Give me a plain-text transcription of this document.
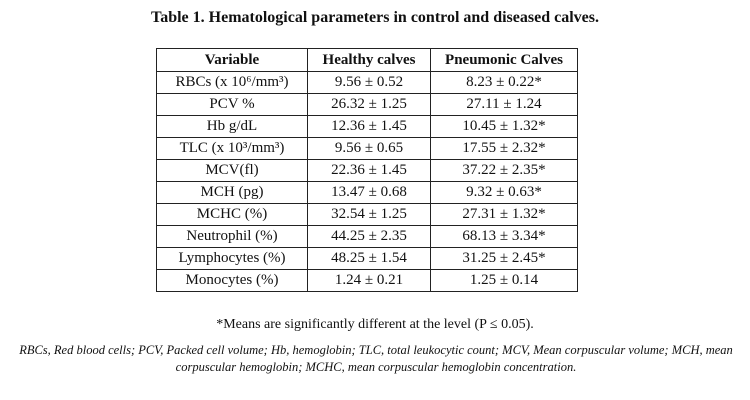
Table 1. Hematological parameters in control and diseased calves.
Variable	Healthy calves	Pneumonic Calves
RBCs (x 10⁶/mm³)	9.56 ± 0.52	8.23 ± 0.22*
PCV %	26.32 ± 1.25	27.11 ± 1.24
Hb g/dL	12.36 ± 1.45	10.45 ± 1.32*
TLC (x 10³/mm³)	9.56 ± 0.65	17.55 ± 2.32*
MCV(fl)	22.36 ± 1.45	37.22 ± 2.35*
MCH (pg)	13.47 ± 0.68	9.32 ± 0.63*
MCHC (%)	32.54 ± 1.25	27.31 ± 1.32*
Neutrophil (%)	44.25 ± 2.35	68.13 ± 3.34*
Lymphocytes (%)	48.25 ± 1.54	31.25 ± 2.45*
Monocytes (%)	1.24 ± 0.21	1.25 ± 0.14
*Means are significantly different at the level (P ≤ 0.05).
RBCs, Red blood cells; PCV, Packed cell volume; Hb, hemoglobin; TLC, total leukocytic count; MCV, Mean corpuscular volume; MCH, mean corpuscular hemoglobin; MCHC, mean corpuscular hemoglobin concentration.
